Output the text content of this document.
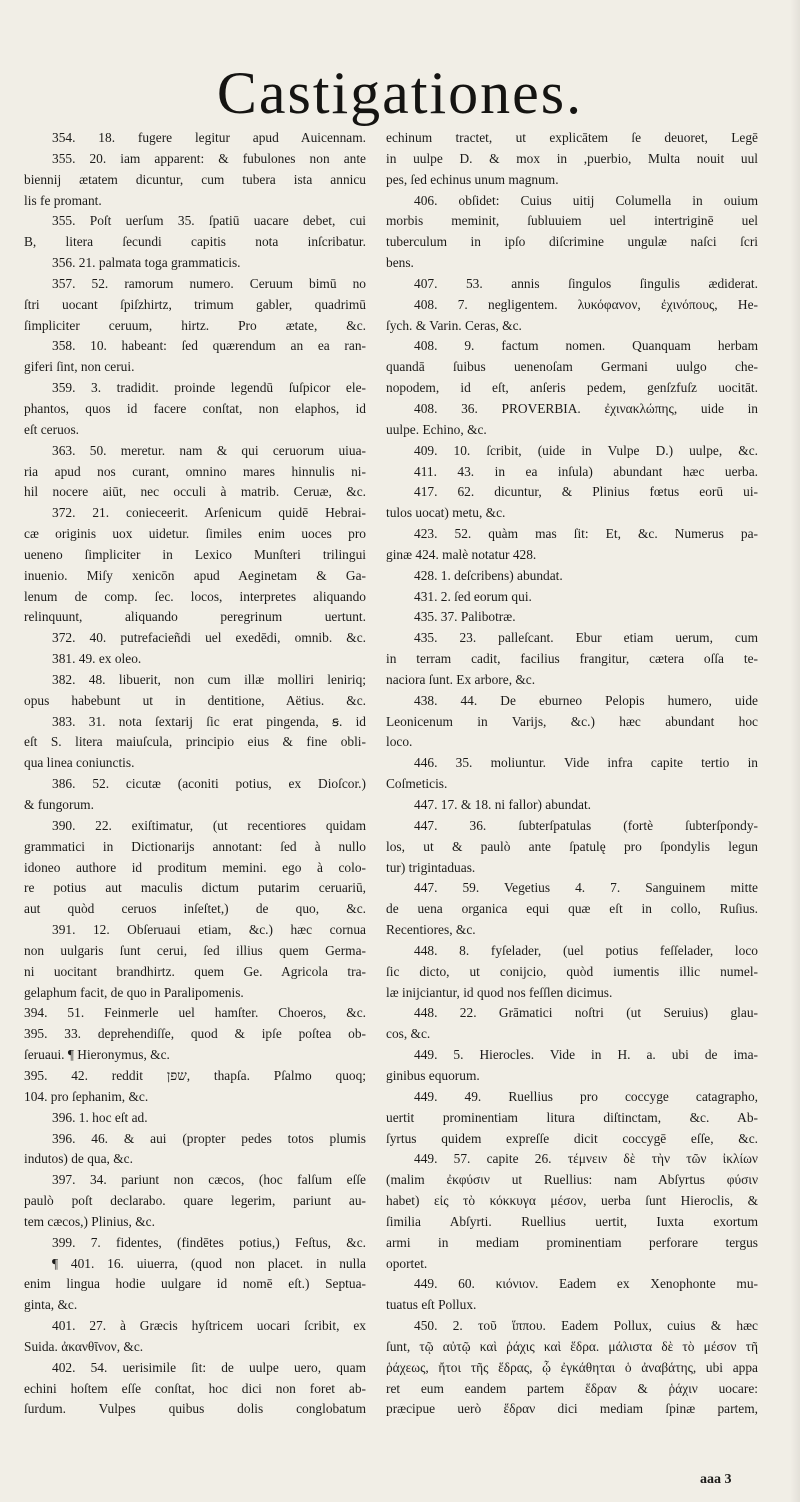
Castigationes.
354. 18. fugere legitur apud Auicennam.
355. 20. iam apparent: & fubulones non ante
biennij ætatem dicuntur, cum tubera ista annicu
lis fe promant.
355. Poſt uerſum 35. ſpatiū uacare debet, cui
B, litera ſecundi capitis nota inſcribatur.
356. 21. palmata toga grammaticis.
357. 52. ramorum numero. Ceruum bimū no
ſtri uocant ſpiſzhirtz, trimum gabler, quadrimū
ſimpliciter ceruum, hirtz. Pro ætate, &c.
358. 10. habeant: ſed quærendum an ea ran-
giferi ſint, non cerui.
359. 3. tradidit. proinde legendū ſuſpicor ele-
phantos, quos id facere conſtat, non elaphos, id
eſt ceruos.
363. 50. meretur. nam & qui ceruorum uiua-
ria apud nos curant, omnino mares hinnulis ni-
hil nocere aiūt, nec occuli à matrib. Ceruæ, &c.
372. 21. conieceerit. Arſenicum quidē Hebrai-
cæ originis uox uidetur. ſimiles enim uoces pro
ueneno ſimpliciter in Lexico Munſteri trilingui
inuenio. Miſy xenicōn apud Aeginetam & Ga-
lenum de comp. ſec. locos, interpretes aliquando
relinquunt, aliquando peregrinum uertunt.
372. 40. putrefacieñdi uel exedēdi, omnib. &c.
381. 49. ex oleo.
382. 48. libuerit, non cum illæ molliri leniriq;
opus habebunt ut in dentitione, Aëtius. &c.
383. 31. nota ſextarij ſic erat pingenda, ꞩ. id
eſt S. litera maiuſcula, principio eius & fine obli-
qua linea coniunctis.
386. 52. cicutæ (aconiti potius, ex Dioſcor.)
& fungorum.
390. 22. exiſtimatur, (ut recentiores quidam
grammatici in Dictionarijs annotant: ſed à nullo
idoneo authore id proditum memini. ego à colo-
re potius aut maculis dictum putarim ceruariū,
aut quòd ceruos inſeſtet,) de quo, &c.
391. 12. Obſeruaui etiam, &c.) hæc cornua
non uulgaris ſunt cerui, ſed illius quem Germa-
ni uocitant brandhirtz. quem Ge. Agricola tra-
gelaphum facit, de quo in Paralipomenis.
394. 51. Feinmerle uel hamſter. Choeros, &c.
395. 33. deprehendiſſe, quod & ipſe poſtea ob-
ſeruaui. ¶ Hieronymus, &c.
395. 42. reddit שפן, thapſa. Pſalmo quoq;
104. pro ſephanim, &c.
396. 1. hoc eſt ad.
396. 46. & aui (propter pedes totos plumis
indutos) de qua, &c.
397. 34. pariunt non cæcos, (hoc falſum eſſe
paulò poſt declarabo. quare legerim, pariunt au-
tem cæcos,) Plinius, &c.
399. 7. fidentes, (findētes potius,) Feſtus, &c.
¶ 401. 16. uiuerra, (quod non placet. in nulla
enim lingua hodie uulgare id nomē eſt.) Septua-
ginta, &c.
401. 27. à Græcis hyſtricem uocari ſcribit, ex
Suida. ἀκανθῖνον, &c.
402. 54. uerisimile ſit: de uulpe uero, quam
echini hoſtem eſſe conſtat, hoc dici non foret ab-
ſurdum. Vulpes quibus dolis conglobatum
echinum tractet, ut explicātem ſe deuoret, Legē
in uulpe D. & mox in ,puerbio, Multa nouit uul
pes, ſed echinus unum magnum.
406. obſidet: Cuius uitij Columella in ouium
morbis meminit, ſubluuiem uel intertriginē uel
tuberculum in ipſo diſcrimine ungulæ naſci ſcri
bens.
407. 53. annis ſingulos ſingulis ædiderat.
408. 7. negligentem. λυκόφανον, ἐχινόπους, He-
ſych. & Varin. Ceras, &c.
408. 9. factum nomen. Quanquam herbam
quandā ſuibus uenenoſam Germani uulgo che-
nopodem, id eſt, anſeris pedem, genſzfuſz uocitāt.
408. 36. PROVERBIA. ἐχινακλώπης, uide in
uulpe. Echino, &c.
409. 10. ſcribit, (uide in Vulpe D.) uulpe, &c.
411. 43. in ea inſula) abundant hæc uerba.
417. 62. dicuntur, & Plinius fœtus eorū ui-
tulos uocat) metu, &c.
423. 52. quàm mas ſit: Et, &c. Numerus pa-
ginæ 424. malè notatur 428.
428. 1. deſcribens) abundat.
431. 2. ſed eorum qui.
435. 37. Palibotræ.
435. 23. palleſcant. Ebur etiam uerum, cum
in terram cadit, facilius frangitur, cætera oſſa te-
naciora ſunt. Ex arbore, &c.
438. 44. De eburneo Pelopis humero, uide
Leonicenum in Varijs, &c.) hæc abundant hoc
loco.
446. 35. moliuntur. Vide infra capite tertio in
Coſmeticis.
447. 17. & 18. ni fallor) abundat.
447. 36. ſubterſpatulas (fortè ſubterſpondy-
los, ut & paulò ante ſpatulę pro ſpondylis legun
tur) trigintaduas.
447. 59. Vegetius 4. 7. Sanguinem mitte
de uena organica equi quæ eſt in collo, Ruſius.
Recentiores, &c.
448. 8. fyſelader, (uel potius feſſelader, loco
ſic dicto, ut conijcio, quòd iumentis illic numel-
læ inijciantur, id quod nos feſſlen dicimus.
448. 22. Grāmatici noſtri (ut Seruius) glau-
cos, &c.
449. 5. Hierocles. Vide in H. a. ubi de ima-
ginibus equorum.
449. 49. Ruellius pro coccyge catagrapho,
uertit prominentiam litura diſtinctam, &c. Ab-
ſyrtus quidem expreſſe dicit coccygē eſſe, &c.
449. 57. capite 26. τέμνειν δὲ τὴν τῶν ἰκλίων
(malim ἐκφύσιν ut Ruellius: nam Abſyrtus φύσιν
habet) εἰς τὸ κόκκυγα μέσον, uerba ſunt Hieroclis, &
ſimilia Abſyrti. Ruellius uertit, Iuxta exortum
armi in mediam prominentiam perforare tergus
oportet.
449. 60. κιόνιον. Eadem ex Xenophonte mu-
tuatus eſt Pollux.
450. 2. τοῦ ἵππου. Eadem Pollux, cuius & hæc
ſunt, τῷ αὐτῷ καὶ ῥάχις καὶ ἕδρα. μάλιστα δὲ τὸ μέσον τῆ
ῥάχεως, ἤτοι τῆς ἕδρας, ᾧ ἐγκάθηται ὁ ἀναβάτης, ubi appa
ret eum eandem partem ἕδραν & ῥάχιν uocare:
præcipue uerò ἕδραν dici mediam ſpinæ partem,
aaa 3
